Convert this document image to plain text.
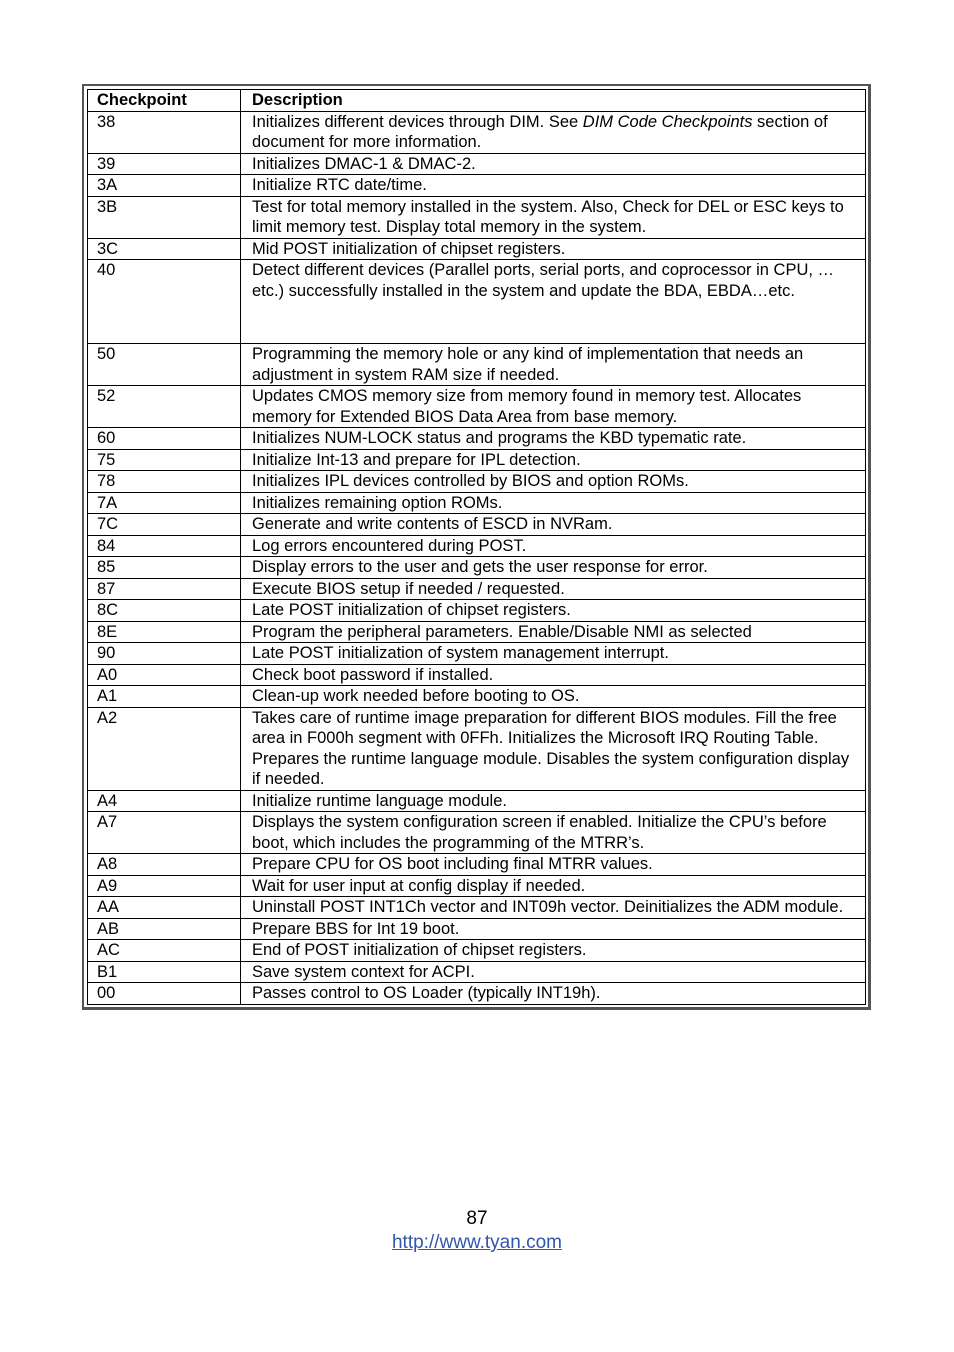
Checkpoint	Description
38	Initializes different devices through DIM. See DIM Code Checkpoints section of document for more information.
39	Initializes DMAC-1 & DMAC-2.
3A	Initialize RTC date/time.
3B	Test for total memory installed in the system. Also, Check for DEL or ESC keys to limit memory test. Display total memory in the system.
3C	Mid POST initialization of chipset registers.
40	Detect different devices (Parallel ports, serial ports, and coprocessor in CPU, … etc.) successfully installed in the system and update the BDA, EBDA…etc.
50	Programming the memory hole or any kind of implementation that needs an adjustment in system RAM size if needed.
52	Updates CMOS memory size from memory found in memory test. Allocates memory for Extended BIOS Data Area from base memory.
60	Initializes NUM-LOCK status and programs the KBD typematic rate.
75	Initialize Int-13 and prepare for IPL detection.
78	Initializes IPL devices controlled by BIOS and option ROMs.
7A	Initializes remaining option ROMs.
7C	Generate and write contents of ESCD in NVRam.
84	Log errors encountered during POST.
85	Display errors to the user and gets the user response for error.
87	Execute BIOS setup if needed / requested.
8C	Late POST initialization of chipset registers.
8E	Program the peripheral parameters. Enable/Disable NMI as selected
90	Late POST initialization of system management interrupt.
A0	Check boot password if installed.
A1	Clean-up work needed before booting to OS.
A2	Takes care of runtime image preparation for different BIOS modules. Fill the free area in F000h segment with 0FFh. Initializes the Microsoft IRQ Routing Table. Prepares the runtime language module. Disables the system configuration display if needed.
A4	Initialize runtime language module.
A7	Displays the system configuration screen if enabled. Initialize the CPU’s before boot, which includes the programming of the MTRR’s.
A8	Prepare CPU for OS boot including final MTRR values.
A9	Wait for user input at config display if needed.
AA	Uninstall POST INT1Ch vector and INT09h vector. Deinitializes the ADM module.
AB	Prepare BBS for Int 19 boot.
AC	End of POST initialization of chipset registers.
B1	Save system context for ACPI.
00	Passes control to OS Loader (typically INT19h).
87
http://www.tyan.com
